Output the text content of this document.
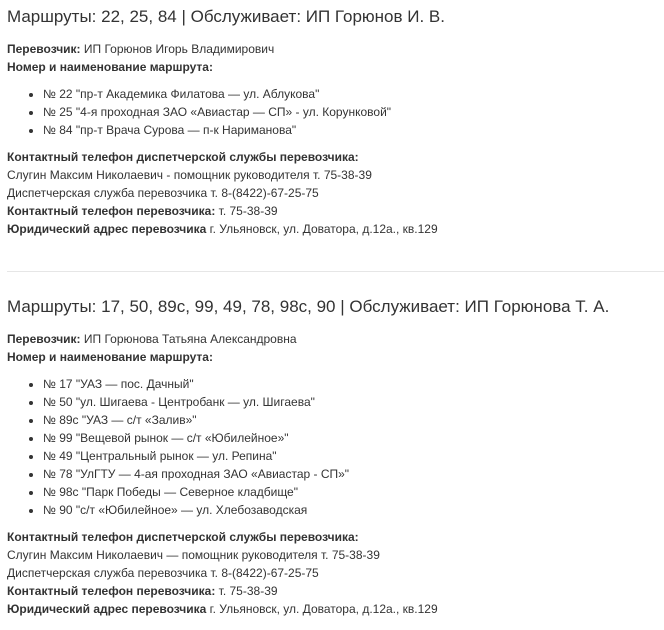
Маршруты: 22, 25, 84 | Обслуживает: ИП Горюнов И. В.
Перевозчик: ИП Горюнов Игорь Владимирович
Номер и наименование маршрута:
• № 22 "пр-т Академика Филатова — ул. Аблукова"
• № 25 "4-я проходная ЗАО «Авиастар — СП» - ул. Корунковой"
• № 84 "пр-т Врача Сурова — п-к Нариманова"
Контактный телефон диспетчерской службы перевозчика:
Слугин Максим Николаевич - помощник руководителя т. 75-38-39
Диспетчерская служба перевозчика т. 8-(8422)-67-25-75
Контактный телефон перевозчика: т. 75-38-39
Юридический адрес перевозчика г. Ульяновск, ул. Доватора, д.12а., кв.129
Маршруты: 17, 50, 89c, 99, 49, 78, 98c, 90 | Обслуживает: ИП Горюнова Т. А.
Перевозчик: ИП Горюнова Татьяна Александровна
Номер и наименование маршрута:
• № 17 "УАЗ — пос. Дачный"
• № 50 "ул. Шигаева - Центробанк — ул. Шигаева"
• № 89с "УАЗ — с/т «Залив»"
• № 99 "Вещевой рынок — с/т «Юбилейное»"
• № 49 "Центральный рынок — ул. Репина"
• № 78 "УлГТУ — 4-ая проходная ЗАО «Авиастар - СП»"
• № 98с "Парк Победы — Северное кладбище"
• № 90 "с/т «Юбилейное» — ул. Хлебозаводская
Контактный телефон диспетчерской службы перевозчика:
Слугин Максим Николаевич — помощник руководителя т. 75-38-39
Диспетчерская служба перевозчика т. 8-(8422)-67-25-75
Контактный телефон перевозчика: т. 75-38-39
Юридический адрес перевозчика г. Ульяновск, ул. Доватора, д.12а., кв.129
